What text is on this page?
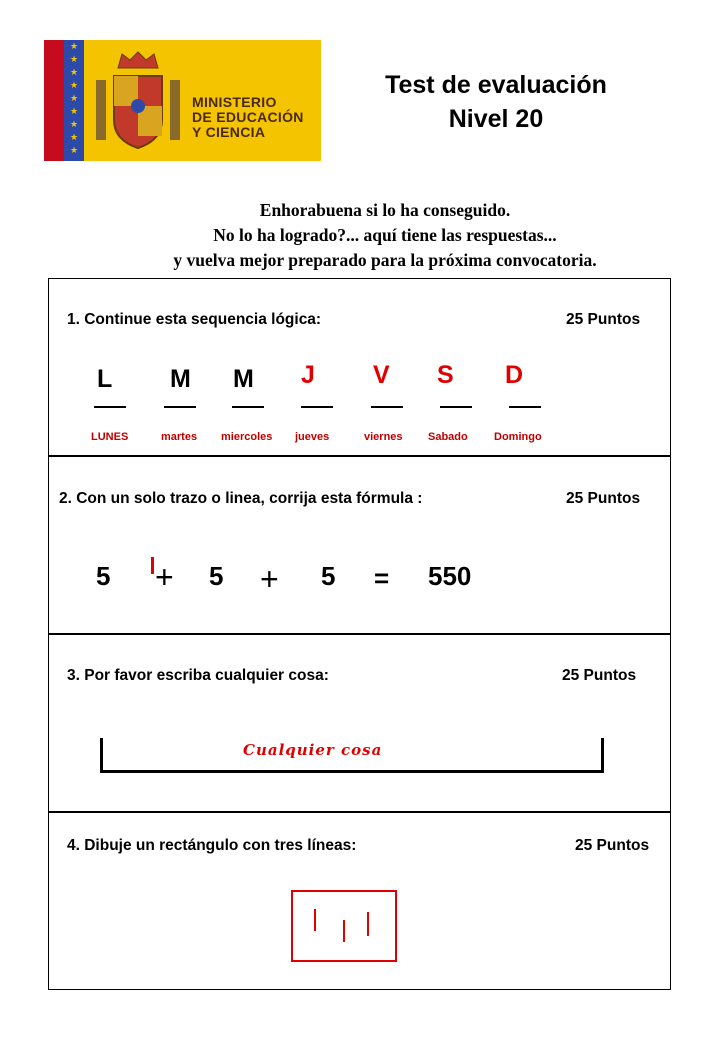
★
★
★
★
★
★
★
★
★
MINISTERIO
DE EDUCACIÓN
Y CIENCIA
Test de evaluación
Nivel 20
Enhorabuena si lo ha conseguido.
No lo ha logrado?... aquí tiene las respuestas...
y vuelva mejor preparado para la próxima convocatoria.
1. Continue esta sequencia lógica:	25 Puntos
L M M J V S D
LUNES	martes miercoles jueves	viernes Sabado Domingo
2. Con un solo trazo o linea, corrija esta fórmula :	25 Puntos
5 + 5 + 5 = 550
3. Por favor escriba cualquier cosa:	25 Puntos
Cualquier cosa
4. Dibuje un rectángulo con tres líneas:	25 Puntos
